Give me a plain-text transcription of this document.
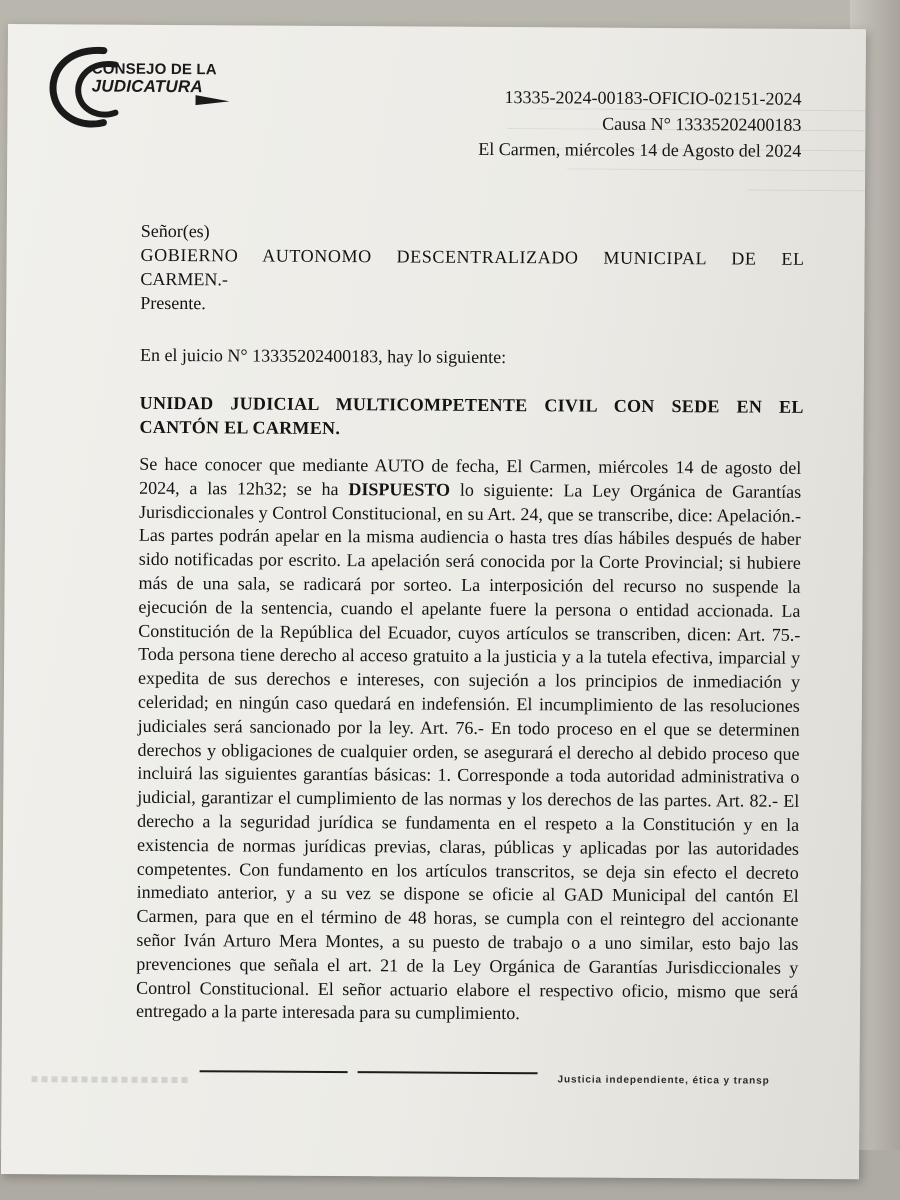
CONSEJO DE LA
JUDICATURA
13335-2024-00183-OFICIO-02151-2024
Causa N° 13335202400183
El Carmen, miércoles 14 de Agosto del 2024
Señor(es)
GOBIERNO AUTONOMO DESCENTRALIZADO MUNICIPAL DE EL
CARMEN.-
Presente.
En el juicio N° 13335202400183, hay lo siguiente:
UNIDAD JUDICIAL MULTICOMPETENTE CIVIL CON SEDE EN EL
CANTÓN EL CARMEN.
Se hace conocer que mediante AUTO de fecha, El Carmen, miércoles 14 de agosto del 2024, a las 12h32; se ha DISPUESTO lo siguiente: La Ley Orgánica de Garantías Jurisdiccionales y Control Constitucional, en su Art. 24, que se transcribe, dice: Apelación.- Las partes podrán apelar en la misma audiencia o hasta tres días hábiles después de haber sido notificadas por escrito. La apelación será conocida por la Corte Provincial; si hubiere más de una sala, se radicará por sorteo. La interposición del recurso no suspende la ejecución de la sentencia, cuando el apelante fuere la persona o entidad accionada. La Constitución de la República del Ecuador, cuyos artículos se transcriben, dicen: Art. 75.- Toda persona tiene derecho al acceso gratuito a la justicia y a la tutela efectiva, imparcial y expedita de sus derechos e intereses, con sujeción a los principios de inmediación y celeridad; en ningún caso quedará en indefensión. El incumplimiento de las resoluciones judiciales será sancionado por la ley. Art. 76.- En todo proceso en el que se determinen derechos y obligaciones de cualquier orden, se asegurará el derecho al debido proceso que incluirá las siguientes garantías básicas: 1. Corresponde a toda autoridad administrativa o judicial, garantizar el cumplimiento de las normas y los derechos de las partes. Art. 82.- El derecho a la seguridad jurídica se fundamenta en el respeto a la Constitución y en la existencia de normas jurídicas previas, claras, públicas y aplicadas por las autoridades competentes. Con fundamento en los artículos transcritos, se deja sin efecto el decreto inmediato anterior, y a su vez se dispone se oficie al GAD Municipal del cantón El Carmen, para que en el término de 48 horas, se cumpla con el reintegro del accionante señor Iván Arturo Mera Montes, a su puesto de trabajo o a uno similar, esto bajo las prevenciones que señala el art. 21 de la Ley Orgánica de Garantías Jurisdiccionales y Control Constitucional. El señor actuario elabore el respectivo oficio, mismo que será entregado a la parte interesada para su cumplimiento.
Justicia independiente, ética y transp
